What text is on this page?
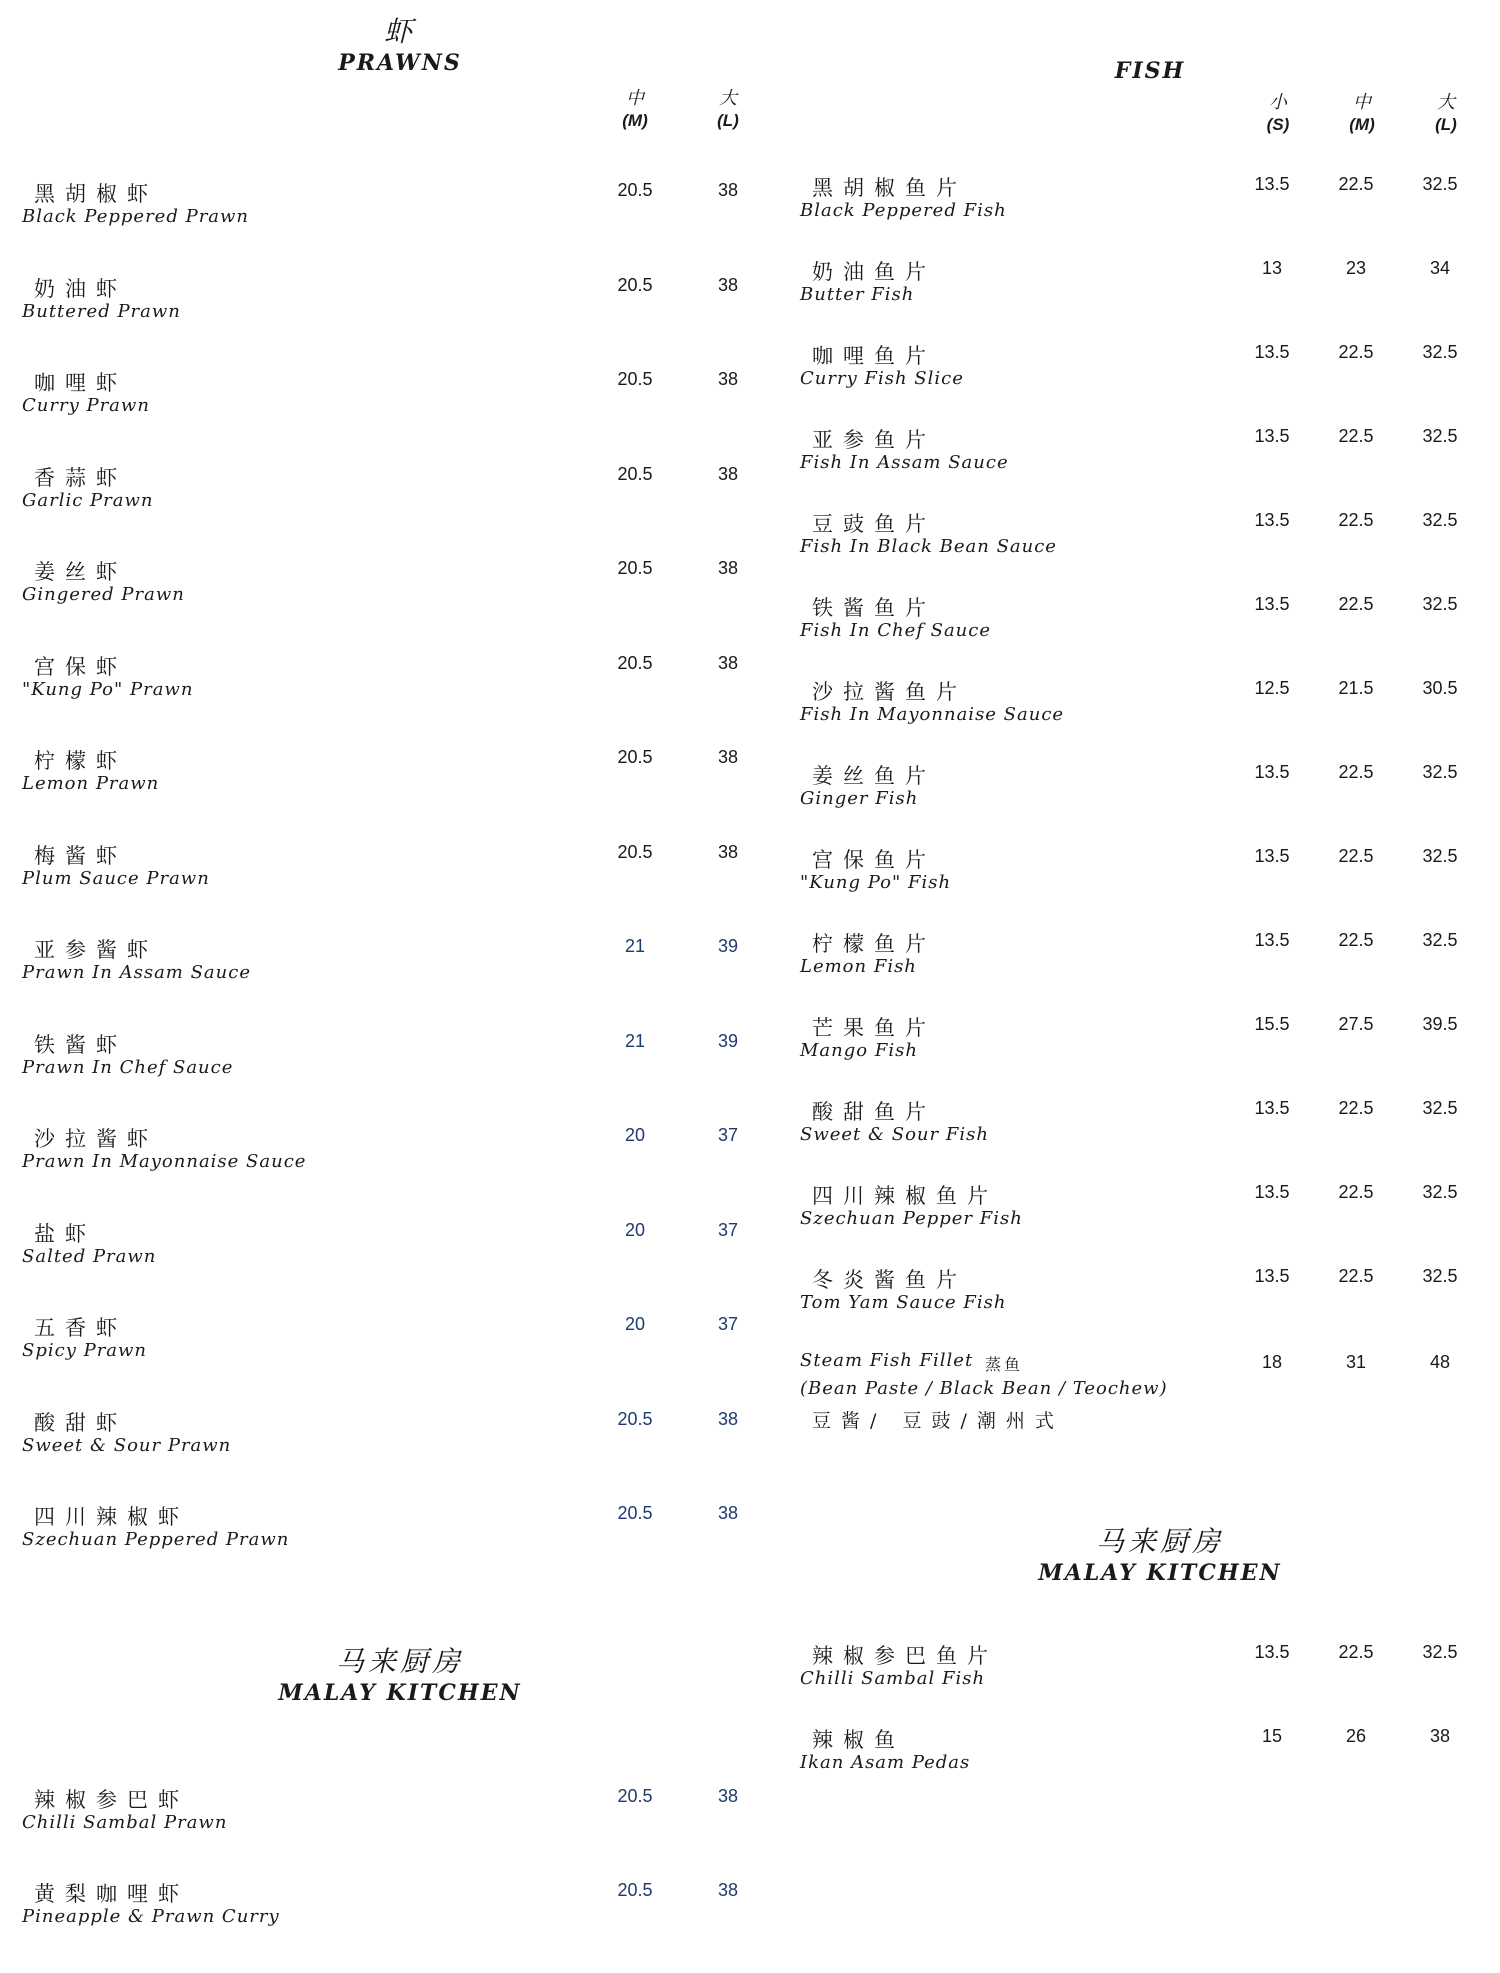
虾
PRAWNS
中
(M)
大
(L)
黑胡椒虾
Black Peppered Prawn
20.5	38
奶油虾
Buttered Prawn
20.5	38
咖哩虾
Curry Prawn
20.5	38
香蒜虾
Garlic Prawn
20.5	38
姜丝虾
Gingered Prawn
20.5	38
宫保虾
"Kung Po" Prawn
20.5	38
柠檬虾
Lemon Prawn
20.5	38
梅酱虾
Plum Sauce Prawn
20.5	38
亚参酱虾
Prawn In Assam Sauce
21	39
铁酱虾
Prawn In Chef Sauce
21	39
沙拉酱虾
Prawn In Mayonnaise Sauce
20	37
盐虾
Salted Prawn
20	37
五香虾
Spicy Prawn
20	37
酸甜虾
Sweet & Sour Prawn
20.5	38
四川辣椒虾
Szechuan Peppered Prawn
20.5	38
马来厨房
MALAY KITCHEN
辣椒参巴虾
Chilli Sambal Prawn
20.5	38
黄梨咖哩虾
Pineapple & Prawn Curry
20.5	38
FISH
小
(S)
中
(M)
大
(L)
黑胡椒鱼片
Black Peppered Fish
13.5	22.5	32.5
奶油鱼片
Butter Fish
13	23	34
咖哩鱼片
Curry Fish Slice
13.5	22.5	32.5
亚参鱼片
Fish In Assam Sauce
13.5	22.5	32.5
豆豉鱼片
Fish In Black Bean Sauce
13.5	22.5	32.5
铁酱鱼片
Fish In Chef Sauce
13.5	22.5	32.5
沙拉酱鱼片
Fish In Mayonnaise Sauce
12.5	21.5	30.5
姜丝鱼片
Ginger Fish
13.5	22.5	32.5
宫保鱼片
"Kung Po" Fish
13.5	22.5	32.5
柠檬鱼片
Lemon Fish
13.5	22.5	32.5
芒果鱼片
Mango Fish
15.5	27.5	39.5
酸甜鱼片
Sweet & Sour Fish
13.5	22.5	32.5
四川辣椒鱼片
Szechuan Pepper Fish
13.5	22.5	32.5
冬炎酱鱼片
Tom Yam Sauce Fish
13.5	22.5	32.5
Steam Fish Fillet 蒸鱼
(Bean Paste / Black Bean / Teochew)
豆酱/ 豆豉/潮州式
18	31	48
马来厨房
MALAY KITCHEN
辣椒参巴鱼片
Chilli Sambal Fish
13.5	22.5	32.5
辣椒鱼
Ikan Asam Pedas
15	26	38
